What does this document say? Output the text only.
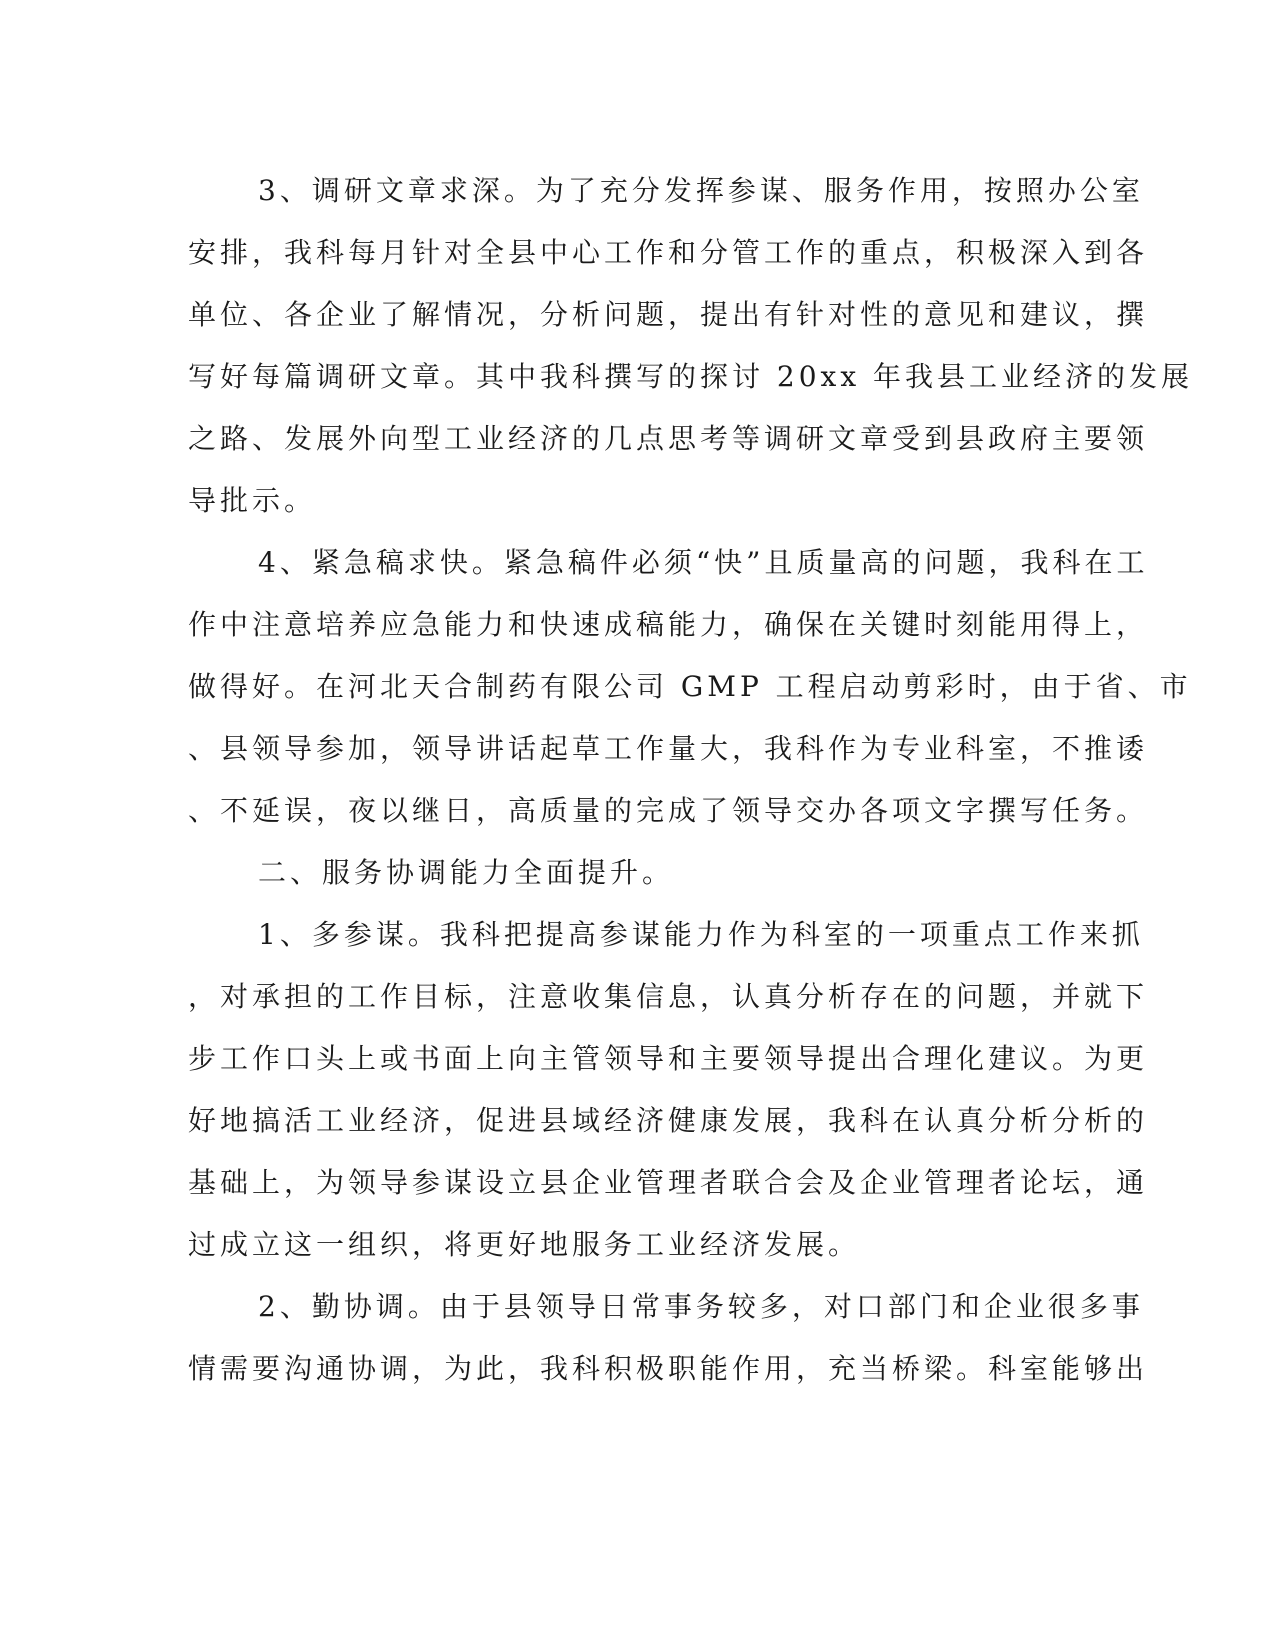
3、调研文章求深。为了充分发挥参谋、服务作用，按照办公室
安排，我科每月针对全县中心工作和分管工作的重点，积极深入到各
单位、各企业了解情况，分析问题，提出有针对性的意见和建议，撰
写好每篇调研文章。其中我科撰写的探讨 20xx 年我县工业经济的发展
之路、发展外向型工业经济的几点思考等调研文章受到县政府主要领
导批示。
4、紧急稿求快。紧急稿件必须“快”且质量高的问题，我科在工
作中注意培养应急能力和快速成稿能力，确保在关键时刻能用得上，
做得好。在河北天合制药有限公司 GMP 工程启动剪彩时，由于省、市
、县领导参加，领导讲话起草工作量大，我科作为专业科室，不推诿
、不延误，夜以继日，高质量的完成了领导交办各项文字撰写任务。
二、服务协调能力全面提升。
1、多参谋。我科把提高参谋能力作为科室的一项重点工作来抓
，对承担的工作目标，注意收集信息，认真分析存在的问题，并就下
步工作口头上或书面上向主管领导和主要领导提出合理化建议。为更
好地搞活工业经济，促进县域经济健康发展，我科在认真分析分析的
基础上，为领导参谋设立县企业管理者联合会及企业管理者论坛，通
过成立这一组织，将更好地服务工业经济发展。
2、勤协调。由于县领导日常事务较多，对口部门和企业很多事
情需要沟通协调，为此，我科积极职能作用，充当桥梁。科室能够出
